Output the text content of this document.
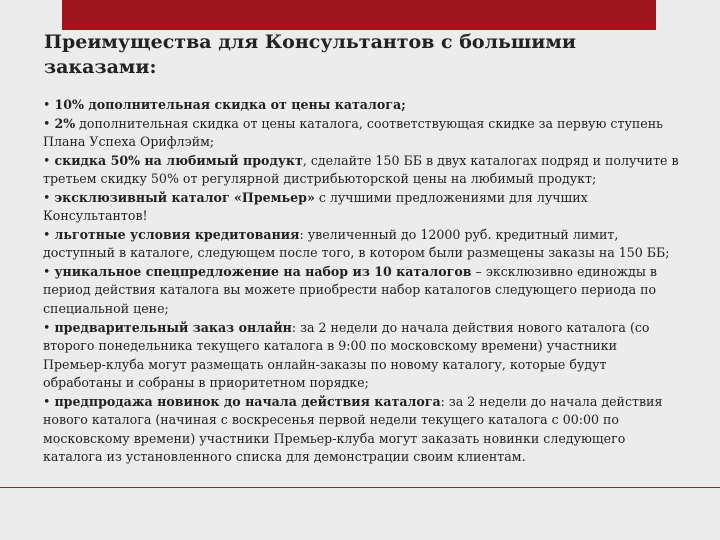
Преимущества для Консультантов с большими
заказами:

• 10% дополнительная скидка от цены каталога;

• 2% дополнительная скидка от цены каталога, соответствующая скидке за первую ступень Плана Успеха Орифлэйм;

• скидка 50% на любимый продукт, сделайте 150 ББ в двух каталогах подряд и получите в третьем скидку 50% от регулярной дистрибьюторской цены на любимый продукт;

• эксклюзивный каталог «Премьер» с лучшими предложениями для лучших Консультантов!

• льготные условия кредитования: увеличенный до 12000 руб. кредитный лимит, доступный в каталоге, следующем после того, в котором были размещены заказы на 150 ББ;

• уникальное спецпредложение на набор из 10 каталогов – эксклюзивно единожды в период действия каталога вы можете приобрести набор каталогов следующего периода по специальной цене;

• предварительный заказ онлайн: за 2 недели до начала действия нового каталога (со второго понедельника текущего каталога в 9:00 по московскому времени) участники Премьер-клуба могут размещать онлайн-заказы по новому каталогу, которые будут обработаны и собраны в приоритетном порядке;

• предпродажа новинок до начала действия каталога: за 2 недели до начала действия нового каталога (начиная с воскресенья первой недели текущего каталога с 00:00 по московскому времени) участники Премьер-клуба могут заказать новинки следующего каталога из установленного списка для демонстрации своим клиентам.
